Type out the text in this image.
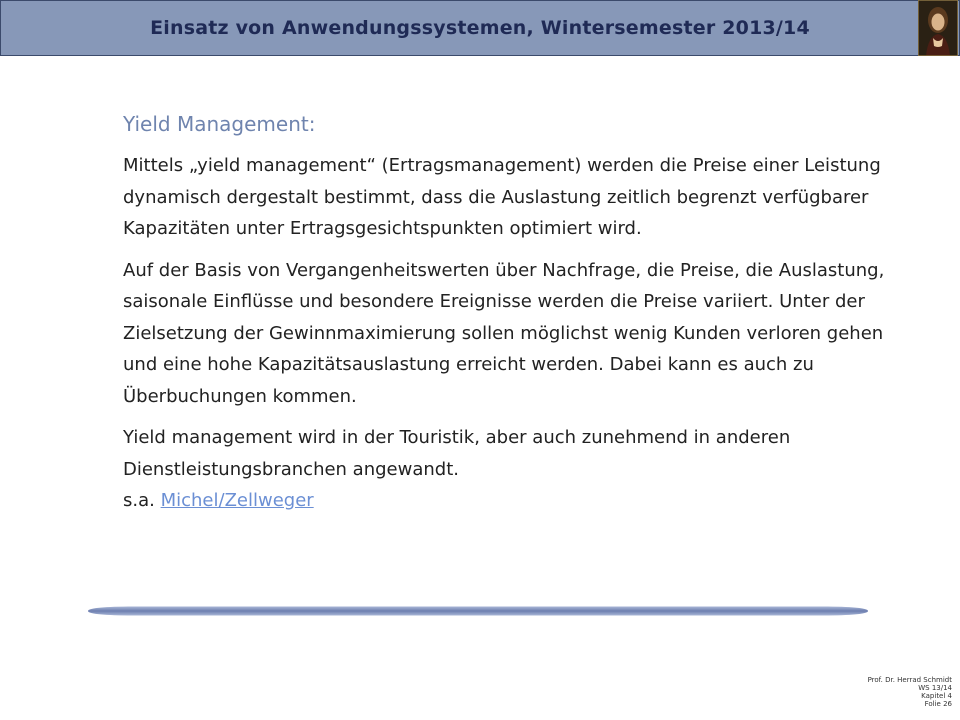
Einsatz von Anwendungssystemen, Wintersemester 2013/14
Yield Management:

Mittels „yield management“ (Ertragsmanagement) werden die Preise einer Leistung dynamisch dergestalt bestimmt, dass die Auslastung zeitlich begrenzt verfügbarer Kapazitäten unter Ertragsgesichtspunkten optimiert wird.

Auf der Basis von Vergangenheitswerten über Nachfrage, die Preise, die Auslastung, saisonale Einflüsse und besondere Ereignisse werden die Preise variiert. Unter der Zielsetzung der Gewinnmaximierung sollen möglichst wenig Kunden verloren gehen und eine hohe Kapazitätsauslastung erreicht werden. Dabei kann es auch zu Überbuchungen kommen.

Yield management wird in der Touristik, aber auch zunehmend in anderen Dienstleistungsbranchen angewandt.

s.a. Michel/Zellweger

Prof. Dr. Herrad Schmidt
WS 13/14
Kapitel 4
Folie 26
